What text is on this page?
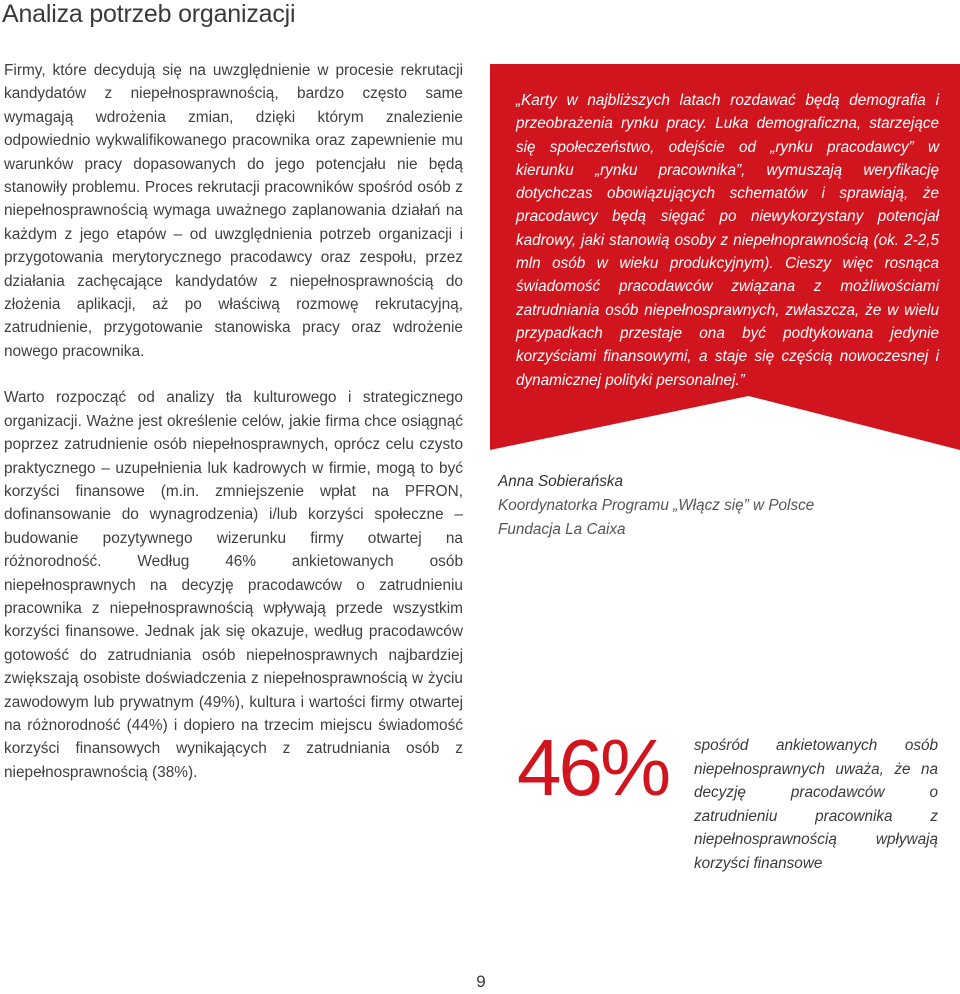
Analiza potrzeb organizacji

Firmy, które decydują się na uwzględnienie w procesie rekrutacji kandydatów z niepełnosprawnością, bardzo często same wymagają wdrożenia zmian, dzięki którym znalezienie odpowiednio wykwalifikowanego pracownika oraz zapewnienie mu warunków pracy dopasowanych do jego potencjału nie będą stanowiły problemu. Proces rekrutacji pracowników spośród osób z niepełnosprawnością wymaga uważnego zaplanowania działań na każdym z jego etapów – od uwzględnienia potrzeb organizacji i przygotowania merytorycznego pracodawcy oraz zespołu, przez działania zachęcające kandydatów z niepełnosprawnością do złożenia aplikacji, aż po właściwą rozmowę rekrutacyjną, zatrudnienie, przygotowanie stanowiska pracy oraz wdrożenie nowego pracownika.

Warto rozpocząć od analizy tła kulturowego i strategicznego organizacji. Ważne jest określenie celów, jakie firma chce osiągnąć poprzez zatrudnienie osób niepełnosprawnych, oprócz celu czysto praktycznego – uzupełnienia luk kadrowych w firmie, mogą to być korzyści finansowe (m.in. zmniejszenie wpłat na PFRON, dofinansowanie do wynagrodzenia) i/lub korzyści społeczne – budowanie pozytywnego wizerunku firmy otwartej na różnorodność. Według 46% ankietowanych osób niepełnosprawnych na decyzję pracodawców o zatrudnieniu pracownika z niepełnosprawnością wpływają przede wszystkim korzyści finansowe. Jednak jak się okazuje, według pracodawców gotowość do zatrudniania osób niepełnosprawnych najbardziej zwiększają osobiste doświadczenia z niepełnosprawnością w życiu zawodowym lub prywatnym (49%), kultura i wartości firmy otwartej na różnorodność (44%) i dopiero na trzecim miejscu świadomość korzyści finansowych wynikających z zatrudniania osób z niepełnosprawnością (38%).

„Karty w najbliższych latach rozdawać będą demografia i przeobrażenia rynku pracy. Luka demograficzna, starzejące się społeczeństwo, odejście od „rynku pracodawcy” w kierunku „rynku pracownika”, wymuszają weryfikację dotychczas obowiązujących schematów i sprawiają, że pracodawcy będą sięgać po niewykorzystany potencjał kadrowy, jaki stanowią osoby z niepełnoprawnością (ok. 2-2,5 mln osób w wieku produkcyjnym). Cieszy więc rosnąca świadomość pracodawców związana z możliwościami zatrudniania osób niepełnosprawnych, zwłaszcza, że w wielu przypadkach przestaje ona być podtykowana jedynie korzyściami finansowymi, a staje się częścią nowoczesnej i dynamicznej polityki personalnej.”

Anna Sobierańska
Koordynatorka Programu „Włącz się” w Polsce
Fundacja La Caixa
46% spośród ankietowanych osób niepełnosprawnych uważa, że na decyzję pracodawców o zatrudnieniu pracownika z niepełnosprawnością wpływają korzyści finansowe

9
